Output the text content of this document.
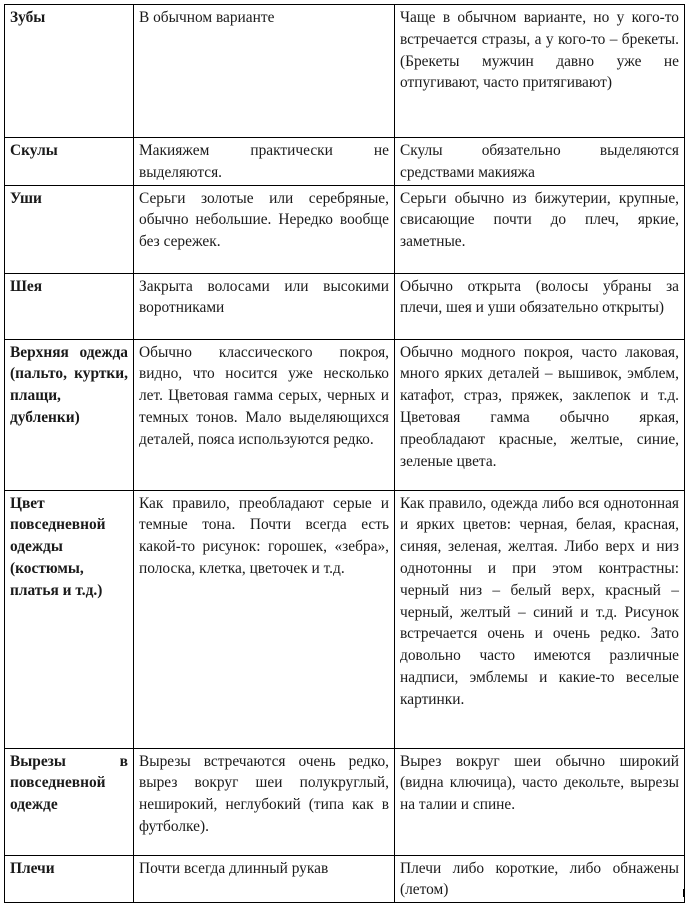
Зубы	В обычном варианте	Чаще в обычном варианте, но у кого-то встречается стразы, а у кого-то – брекеты. (Брекеты мужчин давно уже не отпугивают, часто притягивают)
Скулы	Макияжем практически не выделяются.	Скулы обязательно выделяются средствами макияжа
Уши	Серьги золотые или серебряные, обычно небольшие. Нередко вообще без сережек.	Серьги обычно из бижутерии, крупные, свисающие почти до плеч, яркие, заметные.
Шея	Закрыта волосами или высокими воротниками	Обычно открыта (волосы убраны за плечи, шея и уши обязательно открыты)
Верхняя одежда (пальто, куртки, плащи, дубленки)	Обычно классического покроя, видно, что носится уже несколько лет. Цветовая гамма серых, черных и темных тонов. Мало выделяющихся деталей, пояса используются редко.	Обычно модного покроя, часто лаковая, много ярких деталей – вышивок, эмблем, катафот, страз, пряжек, заклепок и т.д. Цветовая гамма обычно яркая, преобладают красные, желтые, синие, зеленые цвета.
Цвет повседневной одежды (костюмы, платья и т.д.)	Как правило, преобладают серые и темные тона. Почти всегда есть какой-то рисунок: горошек, «зебра», полоска, клетка, цветочек и т.д.	Как правило, одежда либо вся однотонная и ярких цветов: черная, белая, красная, синяя, зеленая, желтая. Либо верх и низ однотонны и при этом контрастны: черный низ – белый верх, красный – черный, желтый – синий и т.д. Рисунок встречается очень и очень редко. Зато довольно часто имеются различные надписи, эмблемы и какие-то веселые картинки.
Вырезы в повседневной одежде	Вырезы встречаются очень редко, вырез вокруг шеи полукруглый, неширокий, неглубокий (типа как в футболке).	Вырез вокруг шеи обычно широкий (видна ключица), часто декольте, вырезы на талии и спине.
Плечи	Почти всегда длинный рукав	Плечи либо короткие, либо обнажены (летом)
